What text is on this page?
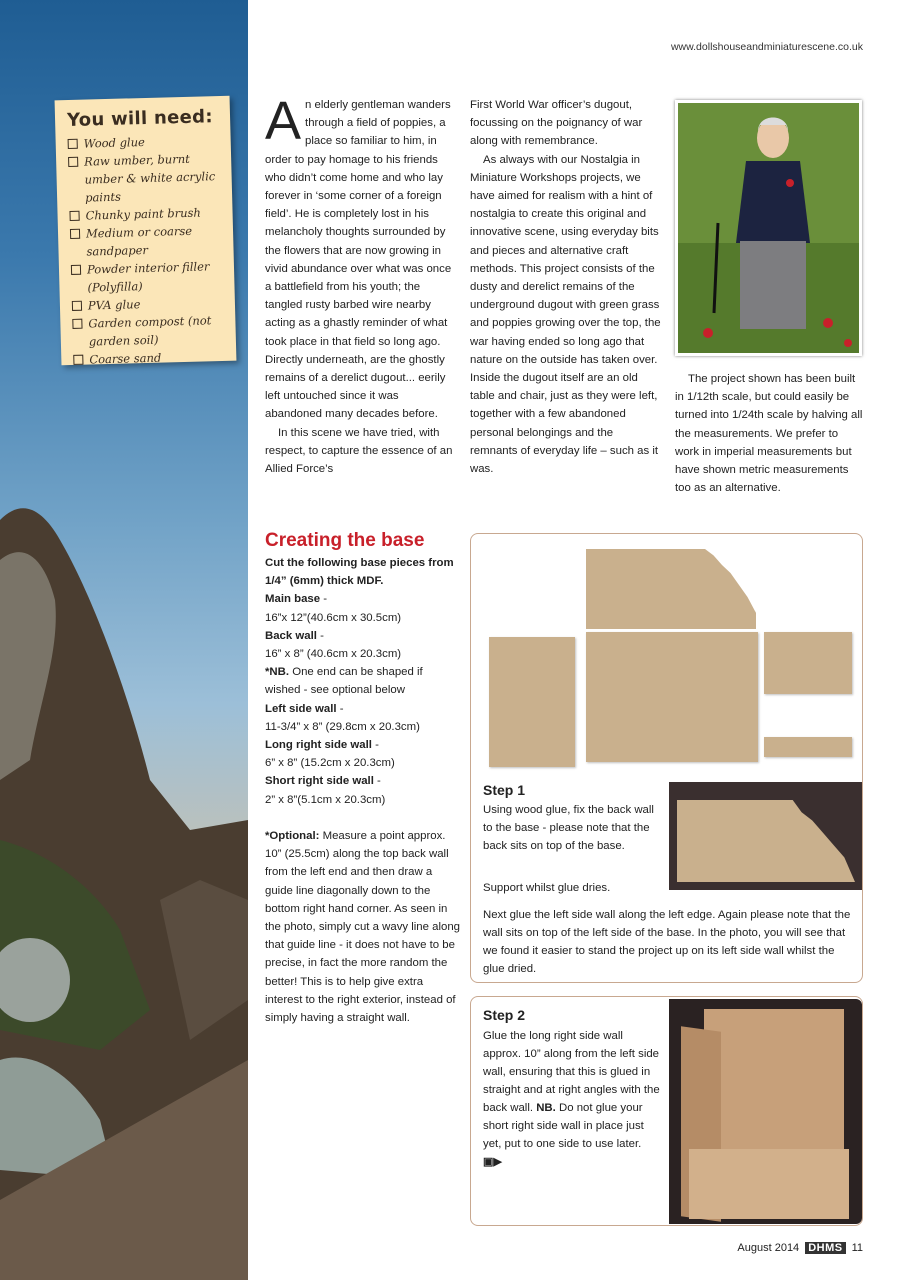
www.dollshouseandminiaturescene.co.uk
You will need:
Wood glue
Raw umber, burnt umber & white acrylic paints
Chunky paint brush
Medium or coarse sandpaper
Powder interior filler (Polyfilla)
PVA glue
Garden compost (not garden soil)
Coarse sand
A n elderly gentleman wanders through a field of poppies, a place so familiar to him, in order to pay homage to his friends who didn’t come home and who lay forever in ‘some corner of a foreign field’. He is completely lost in his melancholy thoughts surrounded by the flowers that are now growing in vivid abundance over what was once a battlefield from his youth; the tangled rusty barbed wire nearby acting as a ghastly reminder of what took place in that field so long ago. Directly underneath, are the ghostly remains of a derelict dugout... eerily left untouched since it was abandoned many decades before.

In this scene we have tried, with respect, to capture the essence of an Allied Force’s

First World War officer’s dugout, focussing on the poignancy of war along with remembrance.

As always with our Nostalgia in Miniature Workshops projects, we have aimed for realism with a hint of nostalgia to create this original and innovative scene, using everyday bits and pieces and alternative craft methods. This project consists of the dusty and derelict remains of the underground dugout with green grass and poppies growing over the top, the war having ended so long ago that nature on the outside has taken over. Inside the dugout itself are an old table and chair, just as they were left, together with a few abandoned personal belongings and the remnants of everyday life – such as it was.

The project shown has been built in 1/12th scale, but could easily be turned into 1/24th scale by halving all the measurements. We prefer to work in imperial measurements but have shown metric measurements too as an alternative.

Creating the base

Cut the following base pieces from 1/4” (6mm) thick MDF.

Main base -

16”x 12”(40.6cm x 30.5cm)

Back wall -

16” x 8” (40.6cm x 20.3cm)

*NB. One end can be shaped if wished - see optional below

Left side wall -

11-3/4” x 8” (29.8cm x 20.3cm)

Long right side wall -

6” x 8” (15.2cm x 20.3cm)

Short right side wall -

2” x 8”(5.1cm x 20.3cm)

*Optional: Measure a point approx. 10” (25.5cm) along the top back wall from the left end and then draw a guide line diagonally down to the bottom right hand corner. As seen in the photo, simply cut a wavy line along that guide line - it does not have to be precise, in fact the more random the better! This is to help give extra interest to the right exterior, instead of simply having a straight wall.

Step 1
Using wood glue, fix the back wall to the base - please note that the back sits on top of the base.
Support whilst glue dries.
Next glue the left side wall along the left edge. Again please note that the wall sits on top of the left side of the base. In the photo, you will see that we found it easier to stand the project up on its left side wall whilst the glue dried.
Step 2
Glue the long right side wall approx. 10” along from the left side wall, ensuring that this is glued in straight and at right angles with the back wall. NB. Do not glue your short right side wall in place just yet, put to one side to use later. ▣▶
August 2014 DHMS 11
